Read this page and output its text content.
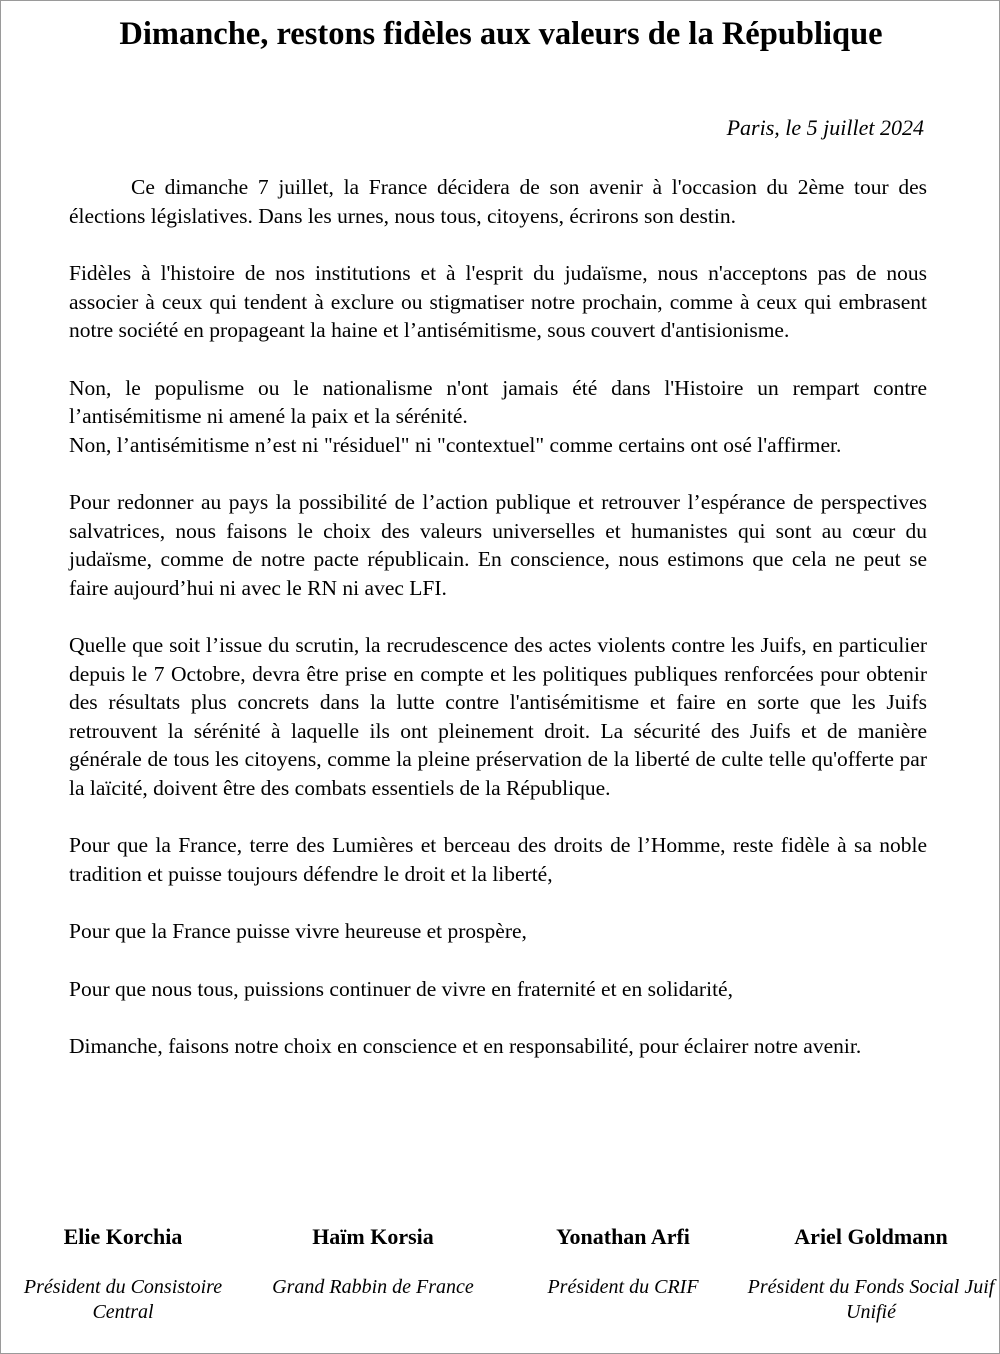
Dimanche, restons fidèles aux valeurs de la République

Paris, le 5 juillet 2024

Ce dimanche 7 juillet, la France décidera de son avenir à l'occasion du 2ème tour des élections législatives. Dans les urnes, nous tous, citoyens, écrirons son destin.

Fidèles à l'histoire de nos institutions et à l'esprit du judaïsme, nous n'acceptons pas de nous associer à ceux qui tendent à exclure ou stigmatiser notre prochain, comme à ceux qui embrasent notre société en propageant la haine et l’antisémitisme, sous couvert d'antisionisme.

Non, le populisme ou le nationalisme n'ont jamais été dans l'Histoire un rempart contre l’antisémitisme ni amené la paix et la sérénité.

Non, l’antisémitisme n’est ni "résiduel" ni "contextuel" comme certains ont osé l'affirmer.

Pour redonner au pays la possibilité de l’action publique et retrouver l’espérance de perspectives salvatrices, nous faisons le choix des valeurs universelles et humanistes qui sont au cœur du judaïsme, comme de notre pacte républicain. En conscience, nous estimons que cela ne peut se faire aujourd’hui ni avec le RN ni avec LFI.

Quelle que soit l’issue du scrutin, la recrudescence des actes violents contre les Juifs, en particulier depuis le 7 Octobre, devra être prise en compte et les politiques publiques renforcées pour obtenir des résultats plus concrets dans la lutte contre l'antisémitisme et faire en sorte que les Juifs retrouvent la sérénité à laquelle ils ont pleinement droit. La sécurité des Juifs et de manière générale de tous les citoyens, comme la pleine préservation de la liberté de culte telle qu'offerte par la laïcité, doivent être des combats essentiels de la République.

Pour que la France, terre des Lumières et berceau des droits de l’Homme, reste fidèle à sa noble tradition et puisse toujours défendre le droit et la liberté,

Pour que la France puisse vivre heureuse et prospère,

Pour que nous tous, puissions continuer de vivre en fraternité et en solidarité,

Dimanche, faisons notre choix en conscience et en responsabilité, pour éclairer notre avenir.

Elie Korchia

Président du Consistoire Central

Haïm Korsia

Grand Rabbin de France

Yonathan Arfi

Président du CRIF

Ariel Goldmann

Président du Fonds Social Juif Unifié
